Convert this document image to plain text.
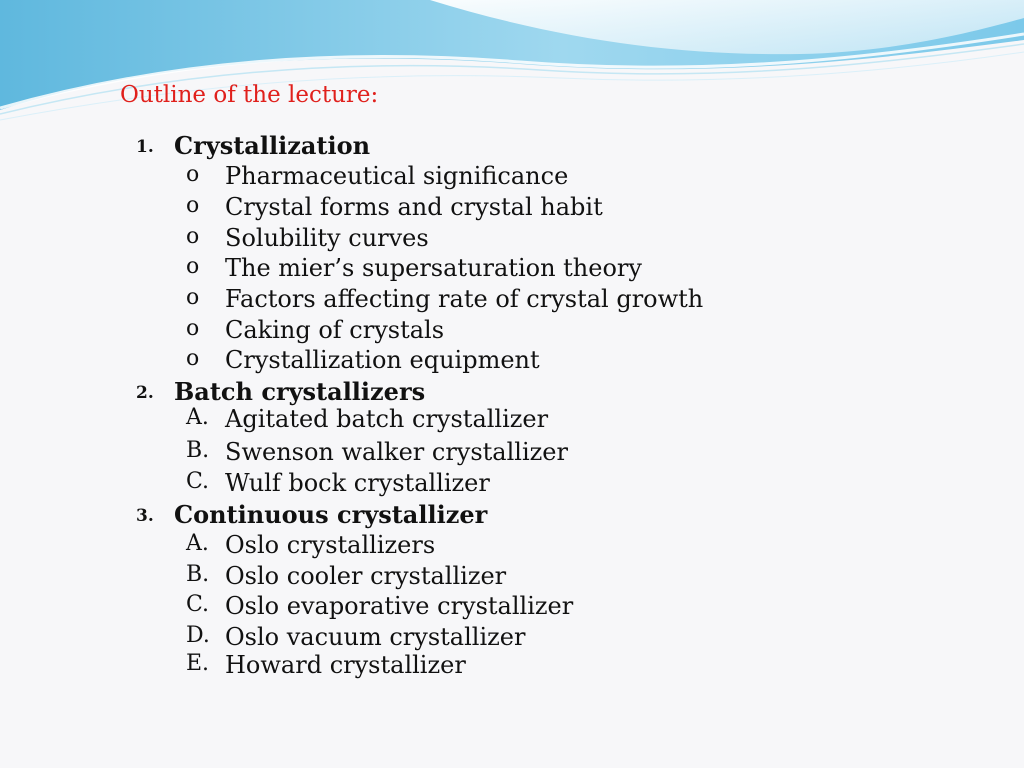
Outline of the lecture:
1. Crystallization
o	Pharmaceutical significance
o	Crystal forms and crystal habit
o	Solubility curves
o	The mier’s supersaturation theory
o	Factors affecting rate of crystal growth
o	Caking of crystals
o	Crystallization equipment
2. Batch crystallizers
A. Agitated batch crystallizer
B. Swenson walker crystallizer
C. Wulf bock crystallizer
3. Continuous crystallizer
A. Oslo crystallizers
B. Oslo cooler crystallizer
C. Oslo evaporative crystallizer
D. Oslo vacuum crystallizer
E. Howard crystallizer
